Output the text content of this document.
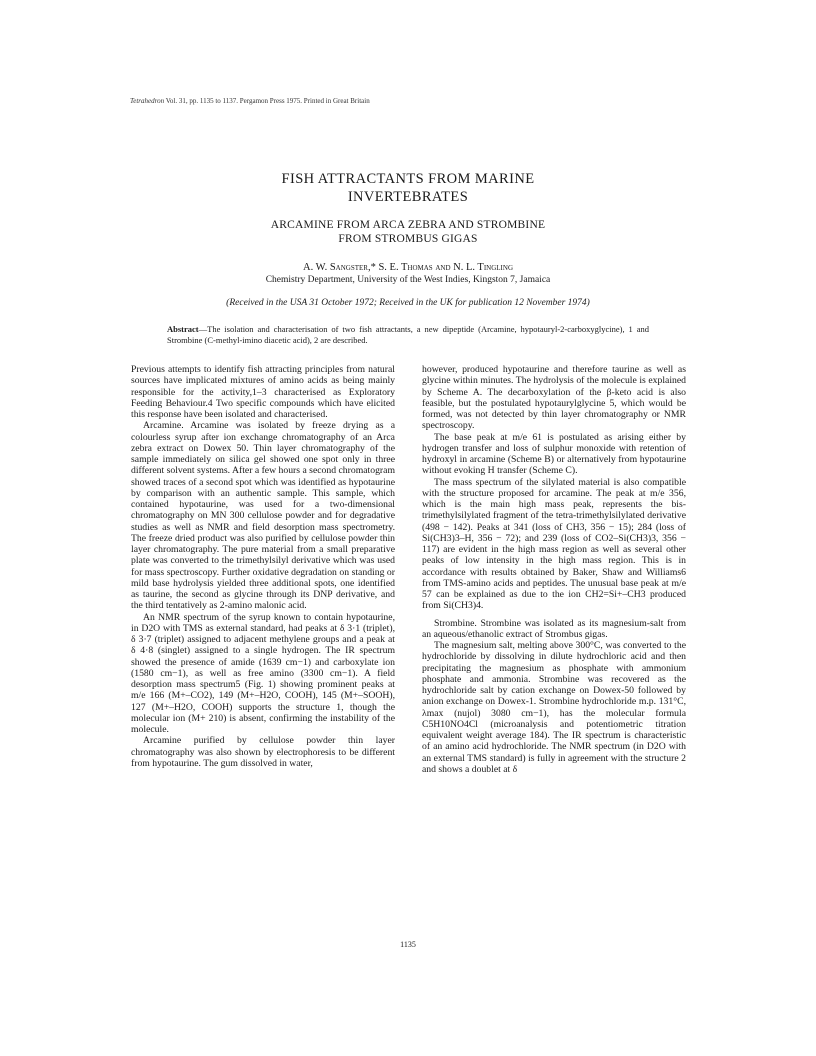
Tetrahedron Vol. 31, pp. 1135 to 1137. Pergamon Press 1975. Printed in Great Britain
FISH ATTRACTANTS FROM MARINE
INVERTEBRATES
ARCAMINE FROM ARCA ZEBRA AND STROMBINE
FROM STROMBUS GIGAS
A. W. Sangster,* S. E. Thomas and N. L. Tingling
Chemistry Department, University of the West Indies, Kingston 7, Jamaica
(Received in the USA 31 October 1972; Received in the UK for publication 12 November 1974)
Abstract—The isolation and characterisation of two fish attractants, a new dipeptide (Arcamine, hypotauryl-2-carboxyglycine), 1 and Strombine (C-methyl-imino diacetic acid), 2 are described.

Previous attempts to identify fish attracting principles from natural sources have implicated mixtures of amino acids as being mainly responsible for the activity,1–3 characterised as Exploratory Feeding Behaviour.4 Two specific compounds which have elicited this response have been isolated and characterised.

Arcamine. Arcamine was isolated by freeze drying as a colourless syrup after ion exchange chromatography of an Arca zebra extract on Dowex 50. Thin layer chromatography of the sample immediately on silica gel showed one spot only in three different solvent systems. After a few hours a second chromatogram showed traces of a second spot which was identified as hypotaurine by comparison with an authentic sample. This sample, which contained hypotaurine, was used for a two-dimensional chromatography on MN 300 cellulose powder and for degradative studies as well as NMR and field desorption mass spectrometry. The freeze dried product was also purified by cellulose powder thin layer chromatography. The pure material from a small preparative plate was converted to the trimethylsilyl derivative which was used for mass spectroscopy. Further oxidative degradation on standing or mild base hydrolysis yielded three additional spots, one identified as taurine, the second as glycine through its DNP derivative, and the third tentatively as 2-amino malonic acid.

An NMR spectrum of the syrup known to contain hypotaurine, in D2O with TMS as external standard, had peaks at δ 3·1 (triplet), δ 3·7 (triplet) assigned to adjacent methylene groups and a peak at δ 4·8 (singlet) assigned to a single hydrogen. The IR spectrum showed the presence of amide (1639 cm−1) and carboxylate ion (1580 cm−1), as well as free amino (3300 cm−1). A field desorption mass spectrum5 (Fig. 1) showing prominent peaks at m/e 166 (M+–CO2), 149 (M+–H2O, COOH), 145 (M+–SOOH), 127 (M+–H2O, COOH) supports the structure 1, though the molecular ion (M+ 210) is absent, confirming the instability of the molecule.

Arcamine purified by cellulose powder thin layer chromatography was also shown by electrophoresis to be different from hypotaurine. The gum dissolved in water,

however, produced hypotaurine and therefore taurine as well as glycine within minutes. The hydrolysis of the molecule is explained by Scheme A. The decarboxylation of the β-keto acid is also feasible, but the postulated hypotaurylglycine 5, which would be formed, was not detected by thin layer chromatography or NMR spectroscopy.

The base peak at m/e 61 is postulated as arising either by hydrogen transfer and loss of sulphur monoxide with retention of hydroxyl in arcamine (Scheme B) or alternatively from hypotaurine without evoking H transfer (Scheme C).

The mass spectrum of the silylated material is also compatible with the structure proposed for arcamine. The peak at m/e 356, which is the main high mass peak, represents the bis-trimethylsilylated fragment of the tetra-trimethylsilylated derivative (498 − 142). Peaks at 341 (loss of CH3, 356 − 15); 284 (loss of Si(CH3)3–H, 356 − 72); and 239 (loss of CO2–Si(CH3)3, 356 − 117) are evident in the high mass region as well as several other peaks of low intensity in the high mass region. This is in accordance with results obtained by Baker, Shaw and Williams6 from TMS-amino acids and peptides. The unusual base peak at m/e 57 can be explained as due to the ion CH2=Si+–CH3 produced from Si(CH3)4.

Strombine. Strombine was isolated as its magnesium-salt from an aqueous/ethanolic extract of Strombus gigas.

The magnesium salt, melting above 300°C, was converted to the hydrochloride by dissolving in dilute hydrochloric acid and then precipitating the magnesium as phosphate with ammonium phosphate and ammonia. Strombine was recovered as the hydrochloride salt by cation exchange on Dowex-50 followed by anion exchange on Dowex-1. Strombine hydrochloride m.p. 131°C, λmax (nujol) 3080 cm−1), has the molecular formula C5H10NO4Cl (microanalysis and potentiometric titration equivalent weight average 184). The IR spectrum is characteristic of an amino acid hydrochloride. The NMR spectrum (in D2O with an external TMS standard) is fully in agreement with the structure 2 and shows a doublet at δ

1135
